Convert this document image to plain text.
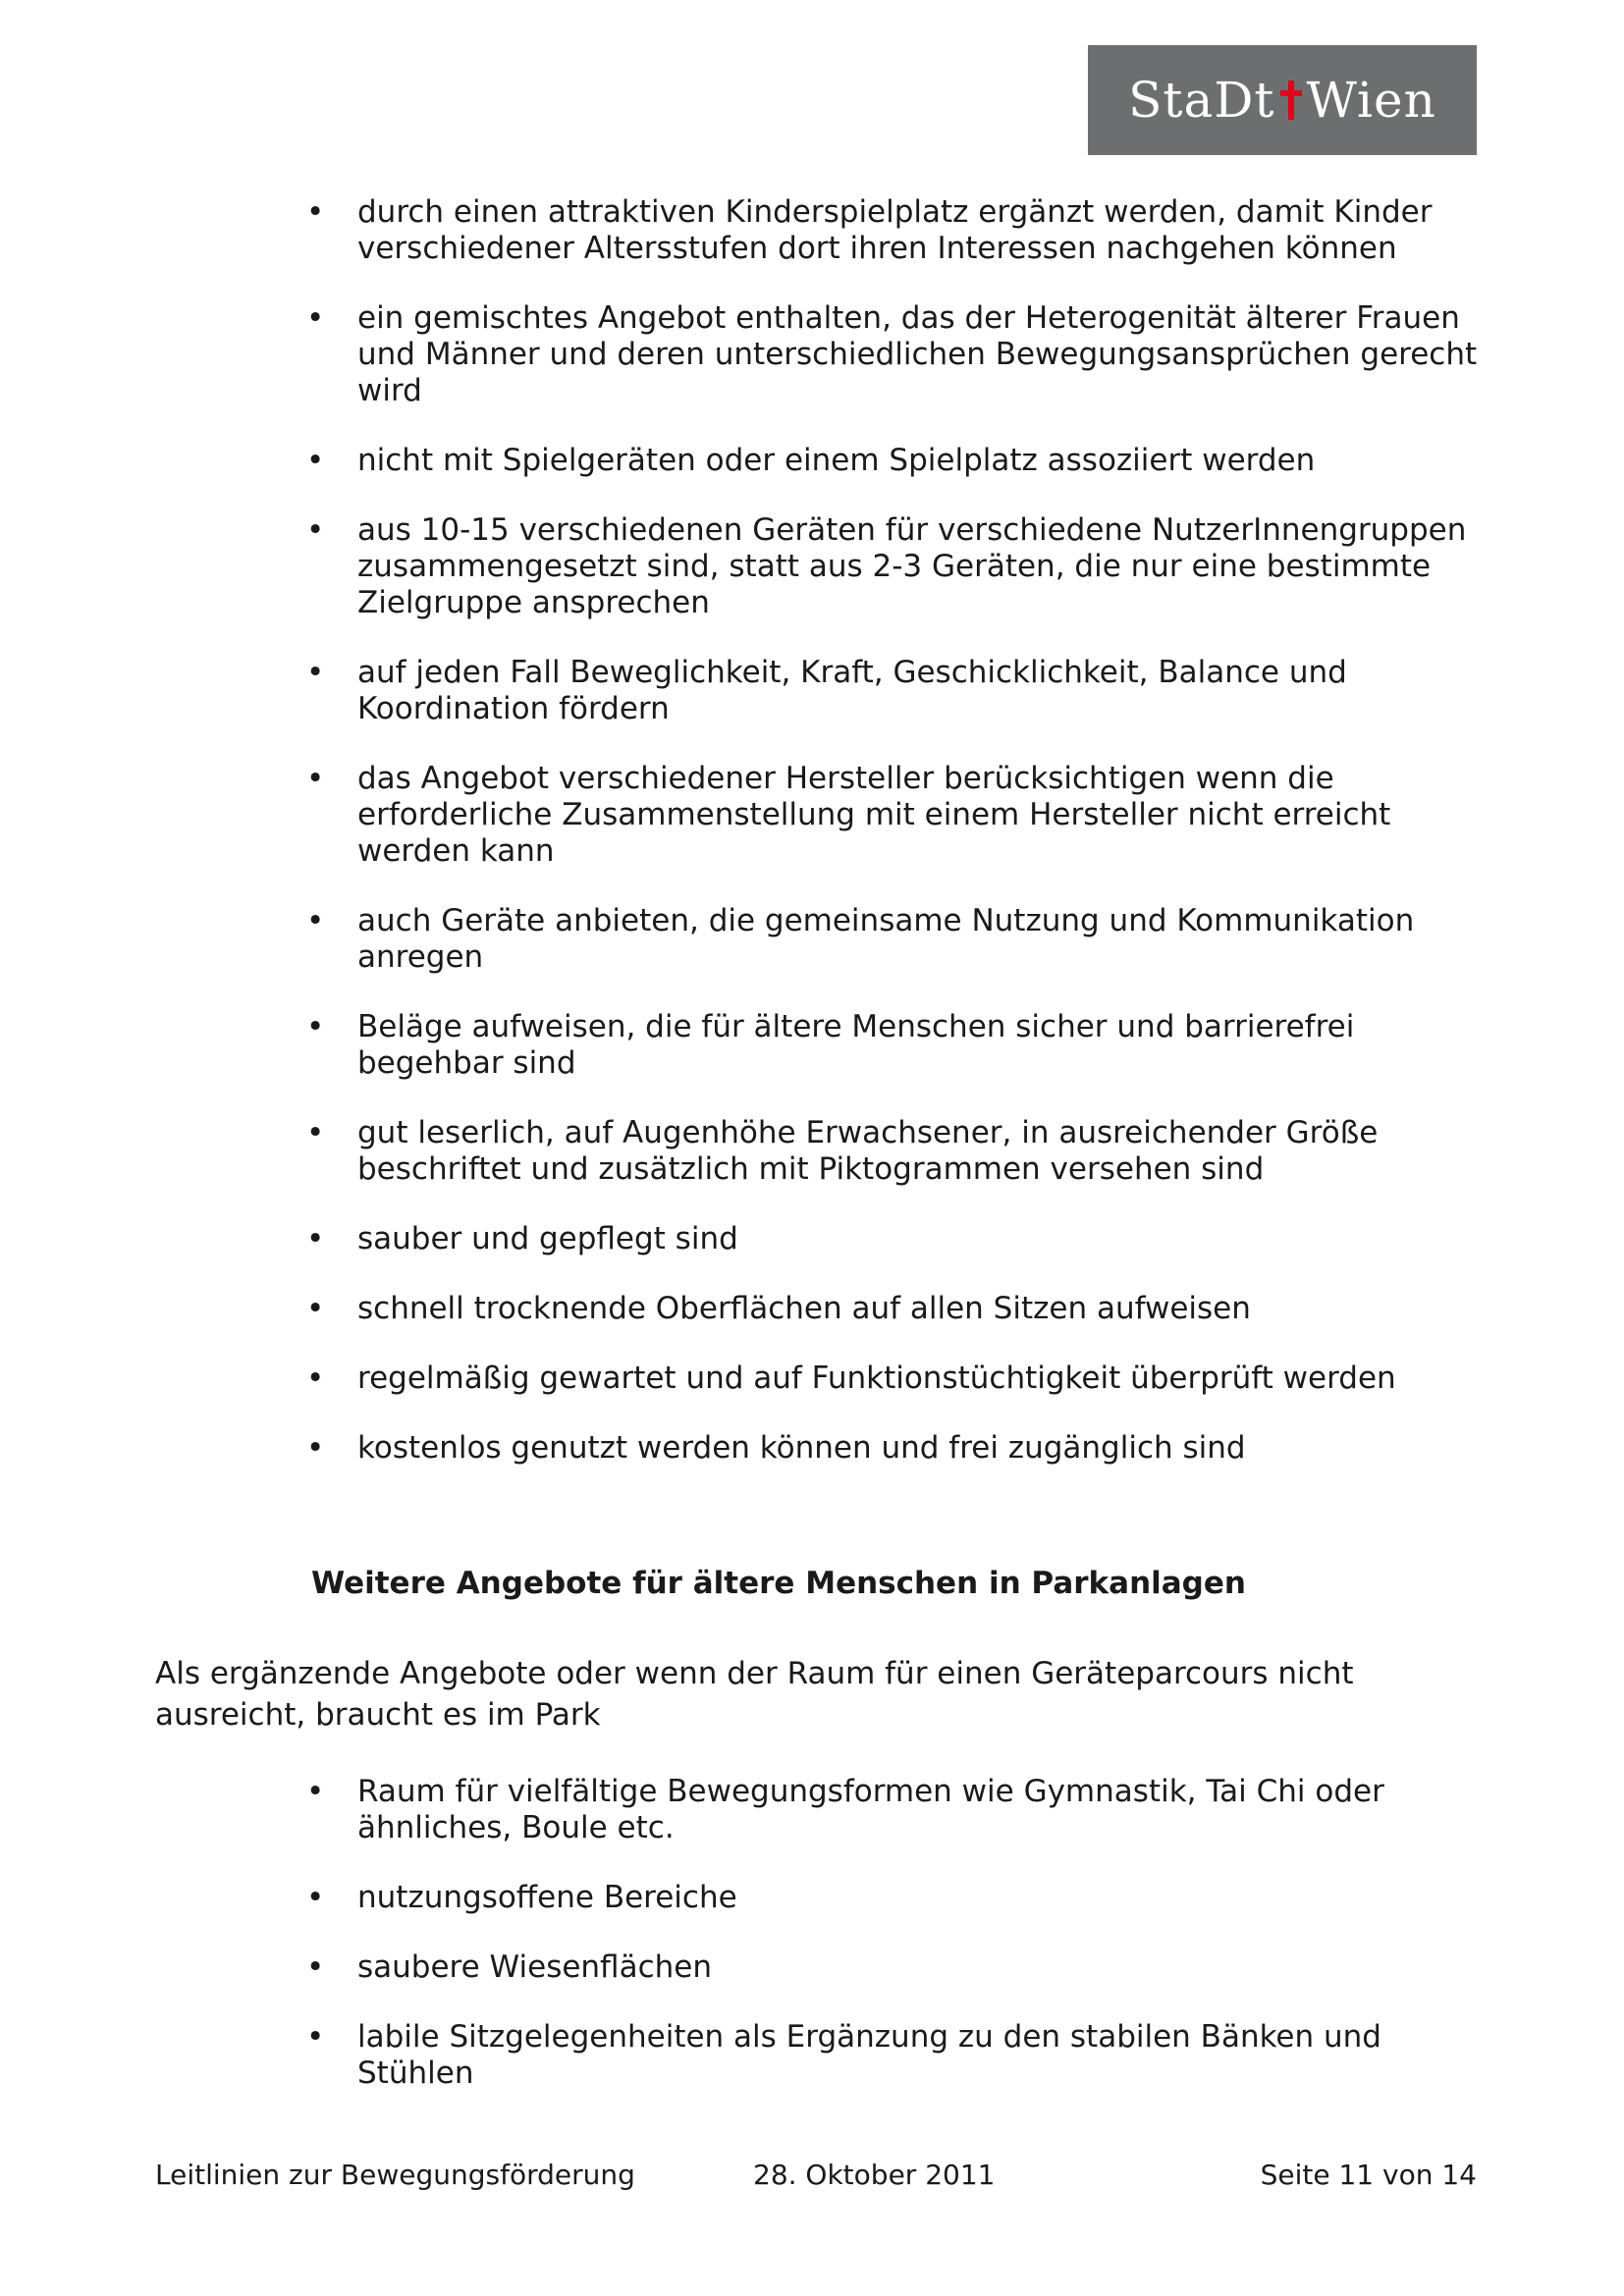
StaDt Wien
•	durch einen attraktiven Kinderspielplatz ergänzt werden, damit Kinder verschiedener Altersstufen dort ihren Interessen nachgehen können
•	ein gemischtes Angebot enthalten, das der Heterogenität älterer Frauen und Männer und deren unterschiedlichen Bewegungsansprüchen gerecht wird
•	nicht mit Spielgeräten oder einem Spielplatz assoziiert werden
•	aus 10-15 verschiedenen Geräten für verschiedene NutzerInnengruppen zusammengesetzt sind, statt aus 2-3 Geräten, die nur eine bestimmte Zielgruppe ansprechen
•	auf jeden Fall Beweglichkeit, Kraft, Geschicklichkeit, Balance und Koordination fördern
•	das Angebot verschiedener Hersteller berücksichtigen wenn die erforderliche Zusammenstellung mit einem Hersteller nicht erreicht werden kann
•	auch Geräte anbieten, die gemeinsame Nutzung und Kommunikation anregen
•	Beläge aufweisen, die für ältere Menschen sicher und barrierefrei begehbar sind
•	gut leserlich, auf Augenhöhe Erwachsener, in ausreichender Größe beschriftet und zusätzlich mit Piktogrammen versehen sind
•	sauber und gepflegt sind
•	schnell trocknende Oberflächen auf allen Sitzen aufweisen
•	regelmäßig gewartet und auf Funktionstüchtigkeit überprüft werden
•	kostenlos genutzt werden können und frei zugänglich sind
Weitere Angebote für ältere Menschen in Parkanlagen

Als ergänzende Angebote oder wenn der Raum für einen Geräteparcours nicht ausreicht, braucht es im Park

•	Raum für vielfältige Bewegungsformen wie Gymnastik, Tai Chi oder ähnliches, Boule etc.
•	nutzungsoffene Bereiche
•	saubere Wiesenflächen
•	labile Sitzgelegenheiten als Ergänzung zu den stabilen Bänken und Stühlen
Leitlinien zur Bewegungsförderung	28. Oktober 2011	Seite 11 von 14
